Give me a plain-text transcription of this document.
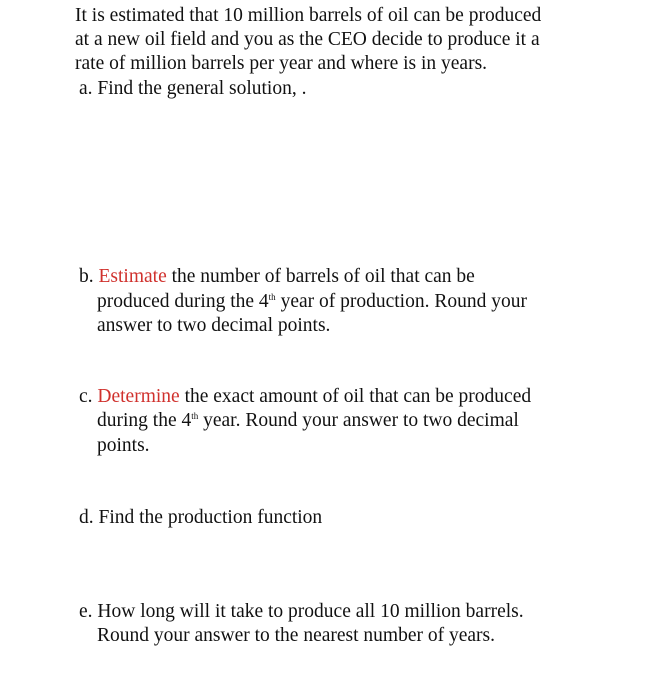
It is estimated that 10 million barrels of oil can be produced
at a new oil field and you as the CEO decide to produce it a
rate of million barrels per year and where is in years.
a. Find the general solution, .
b. Estimate the number of barrels of oil that can be
produced during the 4th year of production. Round your
answer to two decimal points.
c. Determine the exact amount of oil that can be produced
during the 4th year. Round your answer to two decimal
points.
d. Find the production function
e. How long will it take to produce all 10 million barrels.
Round your answer to the nearest number of years.
